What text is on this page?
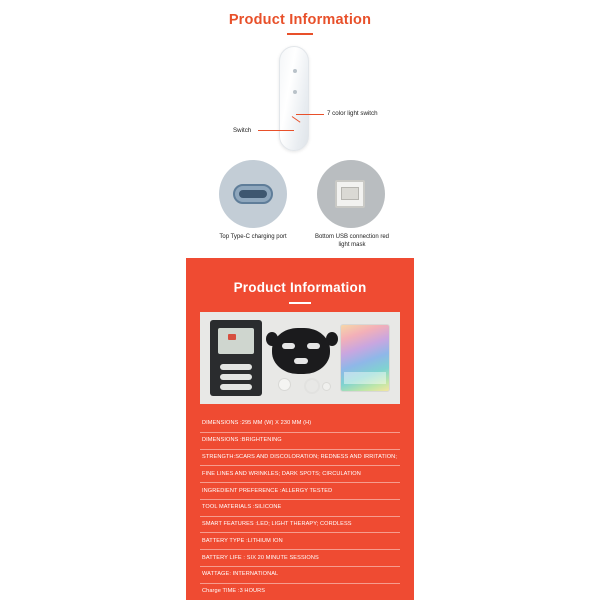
Product Information
Switch
7 color light switch
Top Type-C charging port	Bottom USB connection red light mask
Product Information
DIMENSIONS :295 MM (W) X 230 MM (H)
DIMENSIONS :BRIGHTENING
STRENGTH:SCARS AND DISCOLORATION; REDNESS AND IRRITATION;
FINE LINES AND WRINKLES; DARK SPOTS; CIRCULATION
INGREDIENT PREFERENCE :ALLERGY TESTED
TOOL MATERIALS :SILICONE
SMART FEATURES :LED; LIGHT THERAPY; CORDLESS
BATTERY TYPE :LITHIUM ION
BATTERY LIFE : SIX 20 MINUTE SESSIONS
WATTAGE: INTERNATIONAL
Charge TIME :3 HOURS
ITEM HAS WARRANTY : 1 YEAR
